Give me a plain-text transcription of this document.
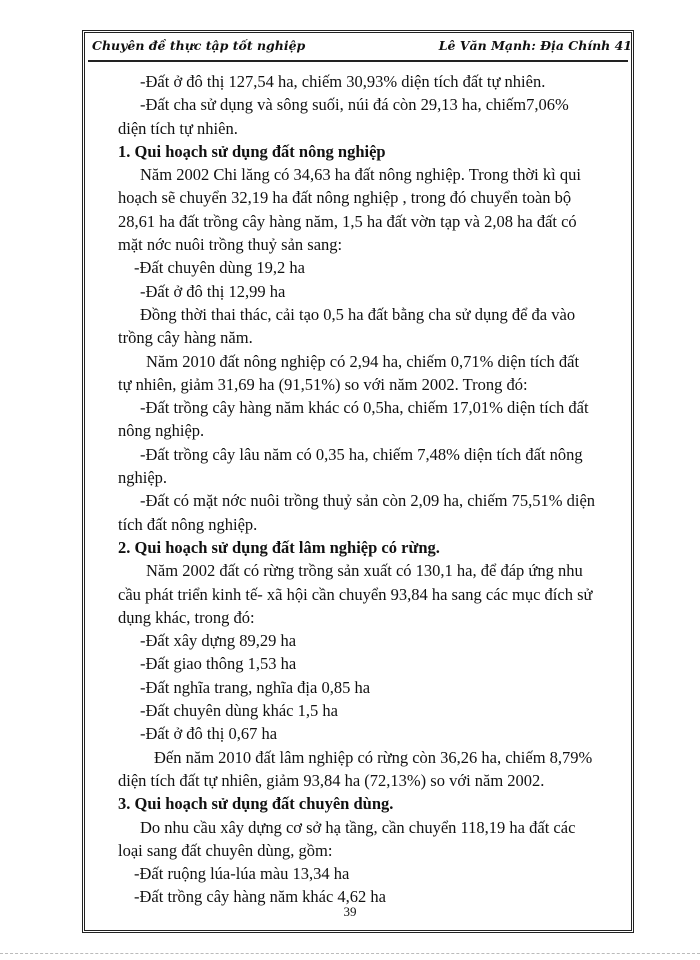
Chuyên đề thực tập tốt nghiệp	Lê Văn Mạnh: Địa Chính 41

-Đất ở đô thị 127,54 ha, chiếm 30,93% diện tích đất tự nhiên.

-Đất cha sử dụng và sông suối, núi đá còn 29,13 ha, chiếm7,06% diện tích tự nhiên.

1. Qui hoạch sử dụng đất nông nghiệp

Năm 2002 Chi lăng có 34,63 ha đất nông nghiệp. Trong thời kì qui hoạch sẽ chuyển 32,19 ha đất nông nghiệp , trong đó chuyển toàn bộ 28,61 ha đất trồng cây hàng năm, 1,5 ha đất vờn tạp và 2,08 ha đất có mặt nớc nuôi trồng thuỷ sản sang:

-Đất chuyên dùng 19,2 ha

-Đất ở đô thị 12,99 ha

Đồng thời thai thác, cải tạo 0,5 ha đất bằng cha sử dụng để đa vào trồng cây hàng năm.

Năm 2010 đất nông nghiệp có 2,94 ha, chiếm 0,71% diện tích đất tự nhiên, giảm 31,69 ha (91,51%) so với năm 2002. Trong đó:

-Đất trồng cây hàng năm khác có 0,5ha, chiếm 17,01% diện tích đất nông nghiệp.

-Đất trồng cây lâu năm có 0,35 ha, chiếm 7,48% diện tích đất nông nghiệp.

-Đất có mặt nớc nuôi trồng thuỷ sản còn 2,09 ha, chiếm 75,51% diện tích đất nông nghiệp.

2. Qui hoạch sử dụng đất lâm nghiệp có rừng.

Năm 2002 đất có rừng trồng sản xuất có 130,1 ha, để đáp ứng nhu cầu phát triển kinh tế- xã hội cần chuyển 93,84 ha sang các mục đích sử dụng khác, trong đó:

-Đất xây dựng 89,29 ha

-Đất giao thông 1,53 ha

-Đất nghĩa trang, nghĩa địa 0,85 ha

-Đất chuyên dùng khác 1,5 ha

-Đất ở đô thị 0,67 ha

Đến năm 2010 đất lâm nghiệp có rừng còn 36,26 ha, chiếm 8,79% diện tích đất tự nhiên, giảm 93,84 ha (72,13%) so với năm 2002.

3. Qui hoạch sử dụng đất chuyên dùng.

Do nhu cầu xây dựng cơ sở hạ tầng, cần chuyển 118,19 ha đất các loại sang đất chuyên dùng, gồm:

-Đất ruộng lúa-lúa màu 13,34 ha

-Đất trồng cây hàng năm khác 4,62 ha

39
